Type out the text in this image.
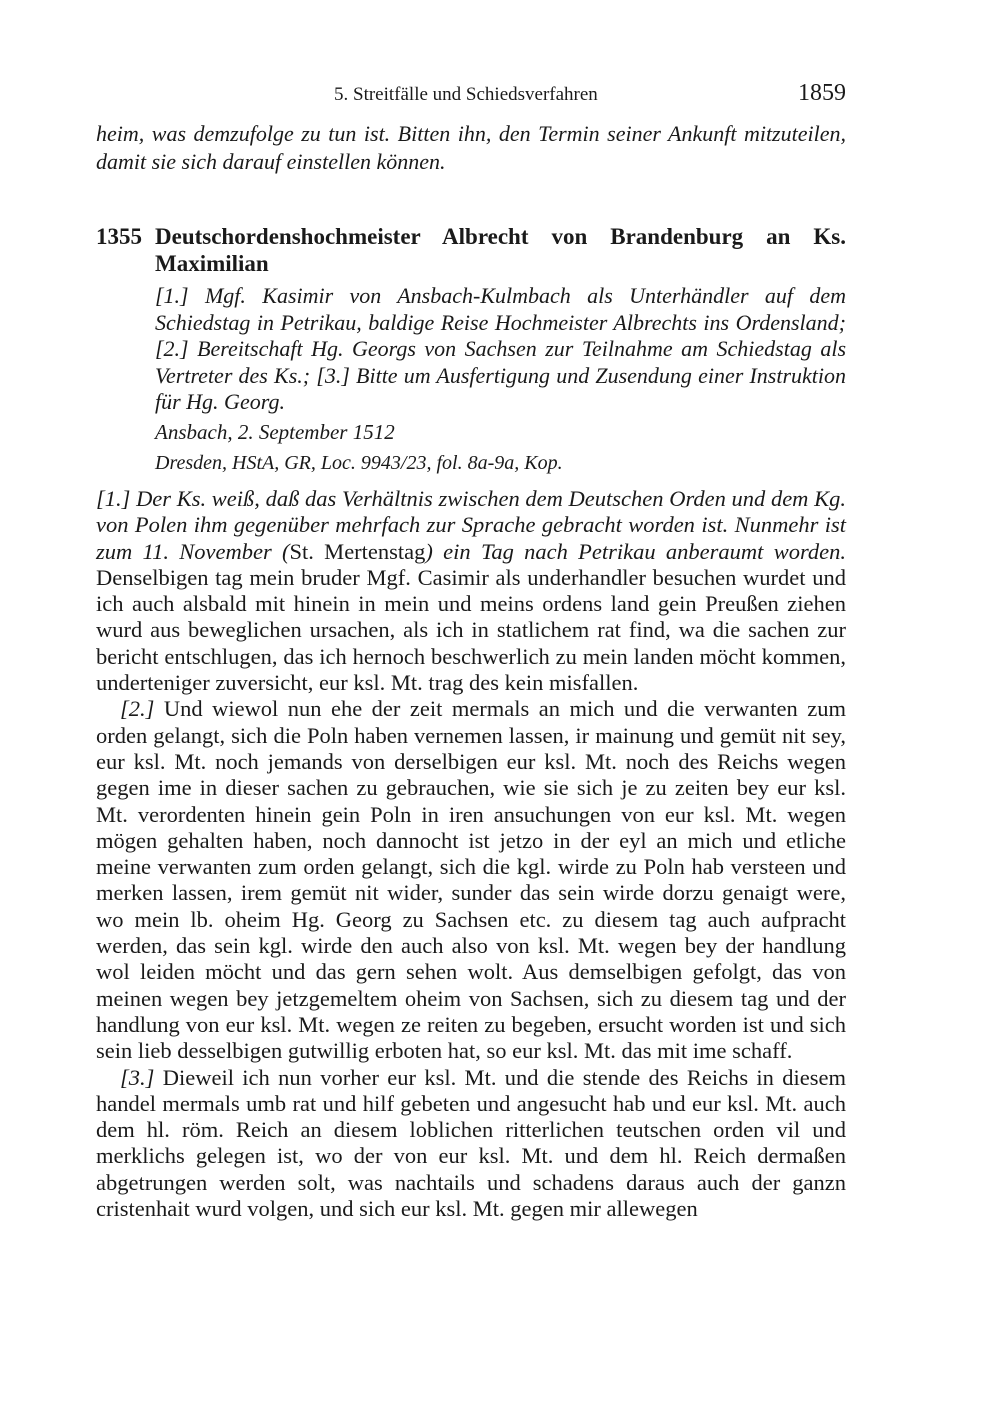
5. Streitfälle und Schiedsverfahren	1859
heim, was demzufolge zu tun ist. Bitten ihn, den Termin seiner Ankunft mitzuteilen, damit sie sich darauf einstellen können.
1355 Deutschordenshochmeister Albrecht von Brandenburg an Ks. Maximilian
[1.] Mgf. Kasimir von Ansbach-Kulmbach als Unterhändler auf dem Schiedstag in Petrikau, baldige Reise Hochmeister Albrechts ins Ordensland; [2.] Bereitschaft Hg. Georgs von Sachsen zur Teilnahme am Schiedstag als Vertreter des Ks.; [3.] Bitte um Ausfertigung und Zusendung einer Instruktion für Hg. Georg.
Ansbach, 2. September 1512
Dresden, HStA, GR, Loc. 9943/23, fol. 8a-9a, Kop.

[1.] Der Ks. weiß, daß das Verhältnis zwischen dem Deutschen Orden und dem Kg. von Polen ihm gegenüber mehrfach zur Sprache gebracht worden ist. Nunmehr ist zum 11. November (St. Mertenstag) ein Tag nach Petrikau anberaumt worden. Denselbigen tag mein bruder Mgf. Casimir als underhandler besuchen wurdet und ich auch alsbald mit hinein in mein und meins ordens land gein Preußen ziehen wurd aus beweglichen ursachen, als ich in statlichem rat find, wa die sachen zur bericht entschlugen, das ich hernoch beschwerlich zu mein landen möcht kommen, underteniger zuversicht, eur ksl. Mt. trag des kein misfallen.

[2.] Und wiewol nun ehe der zeit mermals an mich und die verwanten zum orden gelangt, sich die Poln haben vernemen lassen, ir mainung und gemüt nit sey, eur ksl. Mt. noch jemands von derselbigen eur ksl. Mt. noch des Reichs wegen gegen ime in dieser sachen zu gebrauchen, wie sie sich je zu zeiten bey eur ksl. Mt. verordenten hinein gein Poln in iren ansuchungen von eur ksl. Mt. wegen mögen gehalten haben, noch dannocht ist jetzo in der eyl an mich und etliche meine verwanten zum orden gelangt, sich die kgl. wirde zu Poln hab versteen und merken lassen, irem gemüt nit wider, sunder das sein wirde dorzu genaigt were, wo mein lb. oheim Hg. Georg zu Sachsen etc. zu diesem tag auch aufpracht werden, das sein kgl. wirde den auch also von ksl. Mt. wegen bey der handlung wol leiden möcht und das gern sehen wolt. Aus demselbigen gefolgt, das von meinen wegen bey jetzgemeltem oheim von Sachsen, sich zu diesem tag und der handlung von eur ksl. Mt. wegen ze reiten zu begeben, ersucht worden ist und sich sein lieb desselbigen gutwillig erboten hat, so eur ksl. Mt. das mit ime schaff.

[3.] Dieweil ich nun vorher eur ksl. Mt. und die stende des Reichs in diesem handel mermals umb rat und hilf gebeten und angesucht hab und eur ksl. Mt. auch dem hl. röm. Reich an diesem loblichen ritterlichen teutschen orden vil und merklichs gelegen ist, wo der von eur ksl. Mt. und dem hl. Reich dermaßen abgetrungen werden solt, was nachtails und schadens daraus auch der ganzn cristenhait wurd volgen, und sich eur ksl. Mt. gegen mir allewegen
